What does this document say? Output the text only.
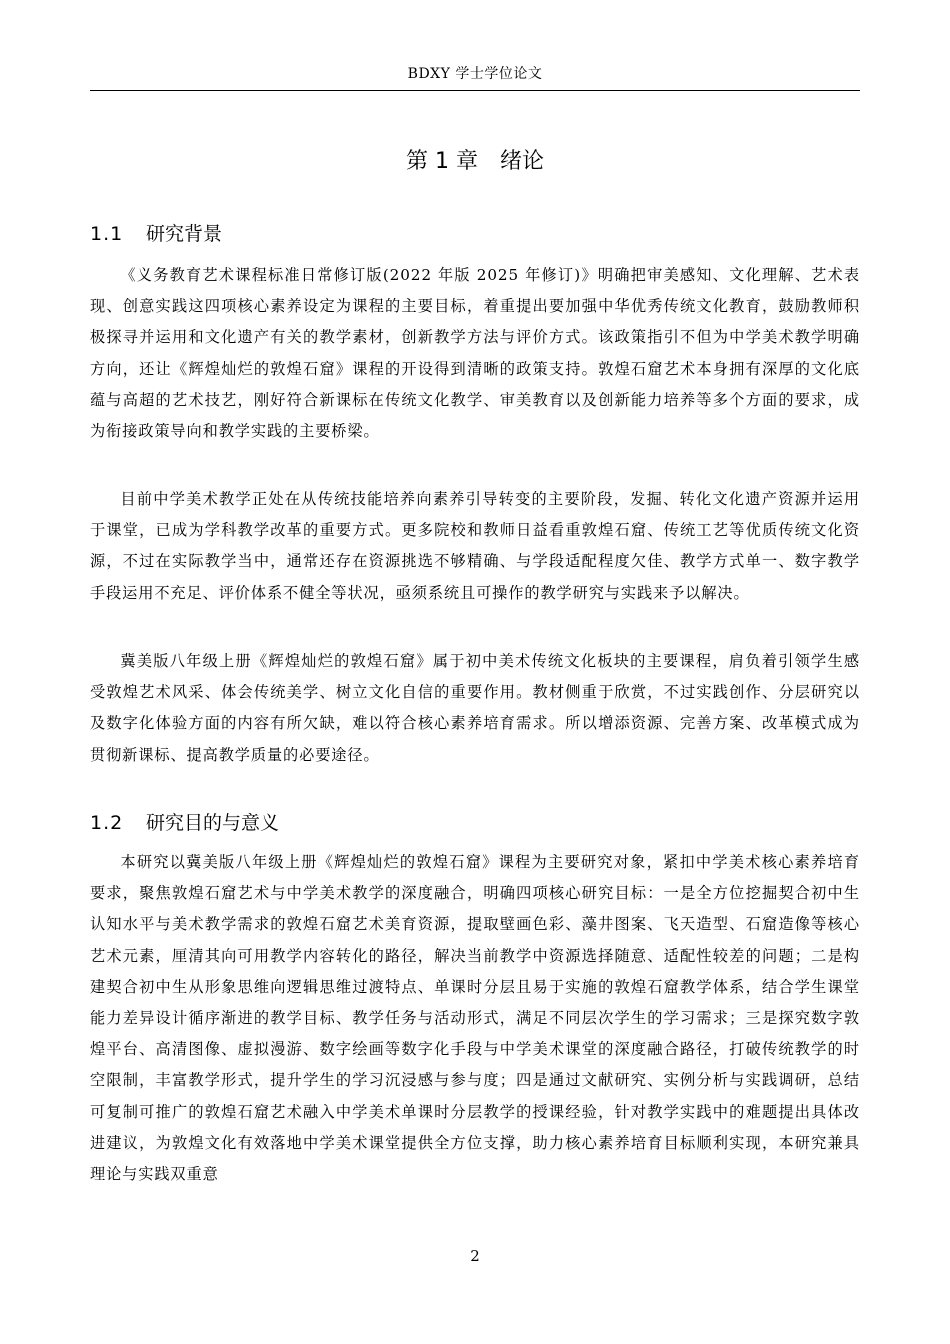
BDXY 学士学位论文
第 1 章　绪论
1.1 研究背景

《义务教育艺术课程标准日常修订版(2022 年版 2025 年修订)》明确把审美感知、文化理解、艺术表现、创意实践这四项核心素养设定为课程的主要目标，着重提出要加强中华优秀传统文化教育，鼓励教师积极探寻并运用和文化遗产有关的教学素材，创新教学方法与评价方式。该政策指引不但为中学美术教学明确方向，还让《辉煌灿烂的敦煌石窟》课程的开设得到清晰的政策支持。敦煌石窟艺术本身拥有深厚的文化底蕴与高超的艺术技艺，刚好符合新课标在传统文化教学、审美教育以及创新能力培养等多个方面的要求，成为衔接政策导向和教学实践的主要桥梁。

目前中学美术教学正处在从传统技能培养向素养引导转变的主要阶段，发掘、转化文化遗产资源并运用于课堂，已成为学科教学改革的重要方式。更多院校和教师日益看重敦煌石窟、传统工艺等优质传统文化资源，不过在实际教学当中，通常还存在资源挑选不够精确、与学段适配程度欠佳、教学方式单一、数字教学手段运用不充足、评价体系不健全等状况，亟须系统且可操作的教学研究与实践来予以解决。

冀美版八年级上册《辉煌灿烂的敦煌石窟》属于初中美术传统文化板块的主要课程，肩负着引领学生感受敦煌艺术风采、体会传统美学、树立文化自信的重要作用。教材侧重于欣赏，不过实践创作、分层研究以及数字化体验方面的内容有所欠缺，难以符合核心素养培育需求。所以增添资源、完善方案、改革模式成为贯彻新课标、提高教学质量的必要途径。

1.2 研究目的与意义

本研究以冀美版八年级上册《辉煌灿烂的敦煌石窟》课程为主要研究对象，紧扣中学美术核心素养培育要求，聚焦敦煌石窟艺术与中学美术教学的深度融合，明确四项核心研究目标：一是全方位挖掘契合初中生认知水平与美术教学需求的敦煌石窟艺术美育资源，提取壁画色彩、藻井图案、飞天造型、石窟造像等核心艺术元素，厘清其向可用教学内容转化的路径，解决当前教学中资源选择随意、适配性较差的问题；二是构建契合初中生从形象思维向逻辑思维过渡特点、单课时分层且易于实施的敦煌石窟教学体系，结合学生课堂能力差异设计循序渐进的教学目标、教学任务与活动形式，满足不同层次学生的学习需求；三是探究数字敦煌平台、高清图像、虚拟漫游、数字绘画等数字化手段与中学美术课堂的深度融合路径，打破传统教学的时空限制，丰富教学形式，提升学生的学习沉浸感与参与度；四是通过文献研究、实例分析与实践调研，总结可复制可推广的敦煌石窟艺术融入中学美术单课时分层教学的授课经验，针对教学实践中的难题提出具体改进建议，为敦煌文化有效落地中学美术课堂提供全方位支撑，助力核心素养培育目标顺利实现，本研究兼具理论与实践双重意

2
